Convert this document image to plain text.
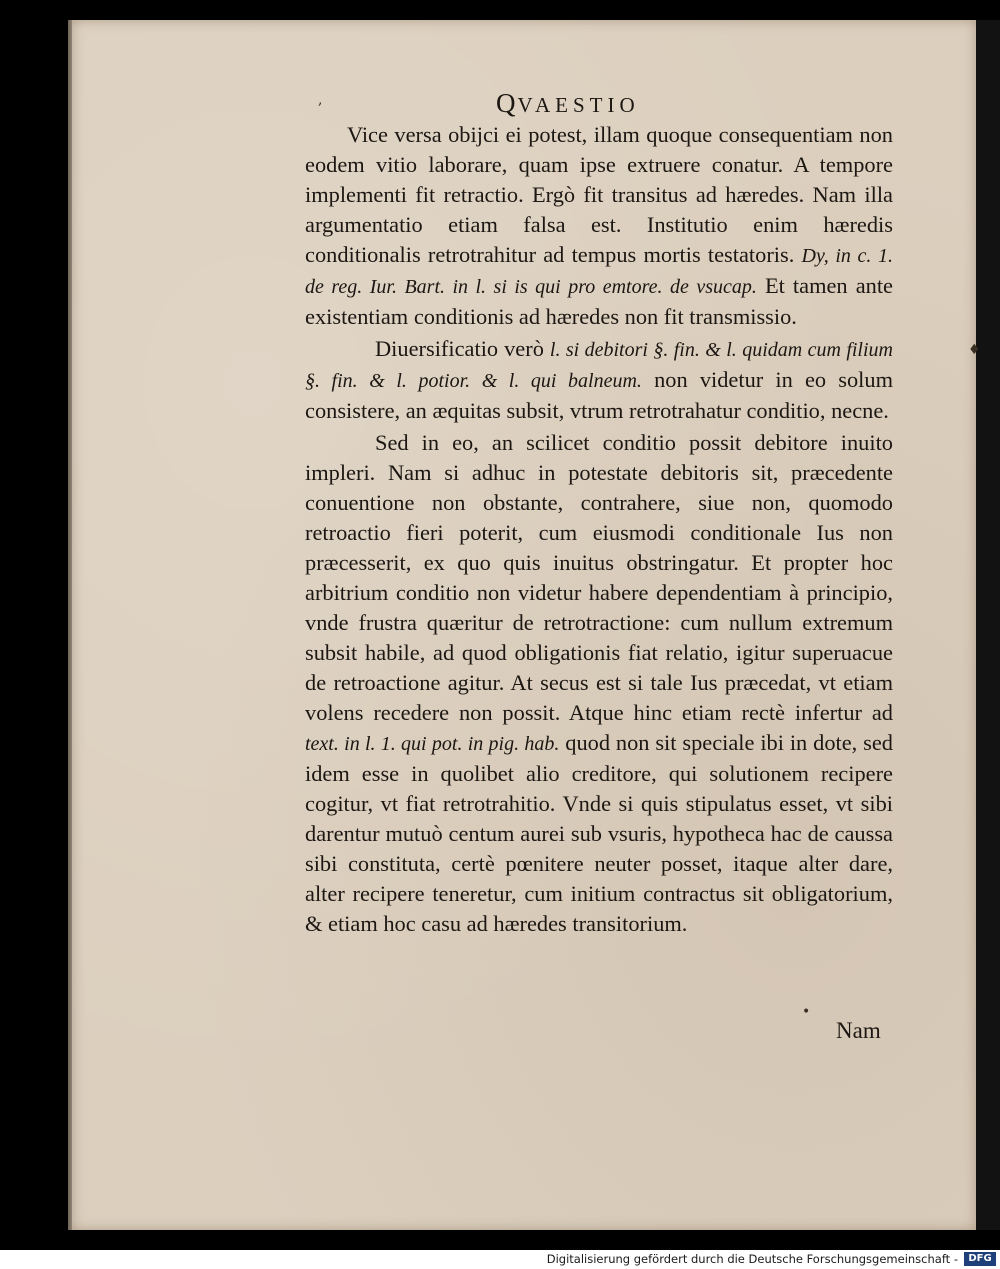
QVAESTIO

Vice versa obijci ei potest, illam quoque consequentiam non eodem vitio laborare, quam ipse extruere conatur. A tempore implementi fit retractio. Ergò fit transitus ad hæredes. Nam illa argumentatio etiam falsa est. Institutio enim hæredis conditionalis retrotrahitur ad tempus mortis testatoris. Dy, in c. 1. de reg. Iur. Bart. in l. si is qui pro emtore. de vsucap. Et tamen ante existentiam conditionis ad hæredes non fit transmissio.

Diuersificatio verò l. si debitori §. fin. & l. quidam cum filium §. fin. & l. potior. & l. qui balneum. non videtur in eo solum consistere, an æquitas subsit, vtrum retrotrahatur conditio, necne.

Sed in eo, an scilicet conditio possit debitore inuito impleri. Nam si adhuc in potestate debitoris sit, præcedente conuentione non obstante, contrahere, siue non, quomodo retroactio fieri poterit, cum eiusmodi conditionale Ius non præcesserit, ex quo quis inuitus obstringatur. Et propter hoc arbitrium conditio non videtur habere dependentiam à principio, vnde frustra quæritur de retrotractione: cum nullum extremum subsit habile, ad quod obligationis fiat relatio, igitur superuacue de retroactione agitur. At secus est si tale Ius præcedat, vt etiam volens recedere non possit. Atque hinc etiam rectè infertur ad text. in l. 1. qui pot. in pig. hab. quod non sit speciale ibi in dote, sed idem esse in quolibet alio creditore, qui solutionem recipere cogitur, vt fiat retrotrahitio. Vnde si quis stipulatus esset, vt sibi darentur mutuò centum aurei sub vsuris, hypotheca hac de caussa sibi constituta, certè pœnitere neuter posset, itaque alter dare, alter recipere teneretur, cum initium contractus sit obligatorium, & etiam hoc casu ad hæredes transitorium.

Nam
,
♦
•
Digitalisierung gefördert durch die Deutsche Forschungsgemeinschaft -	DFG
